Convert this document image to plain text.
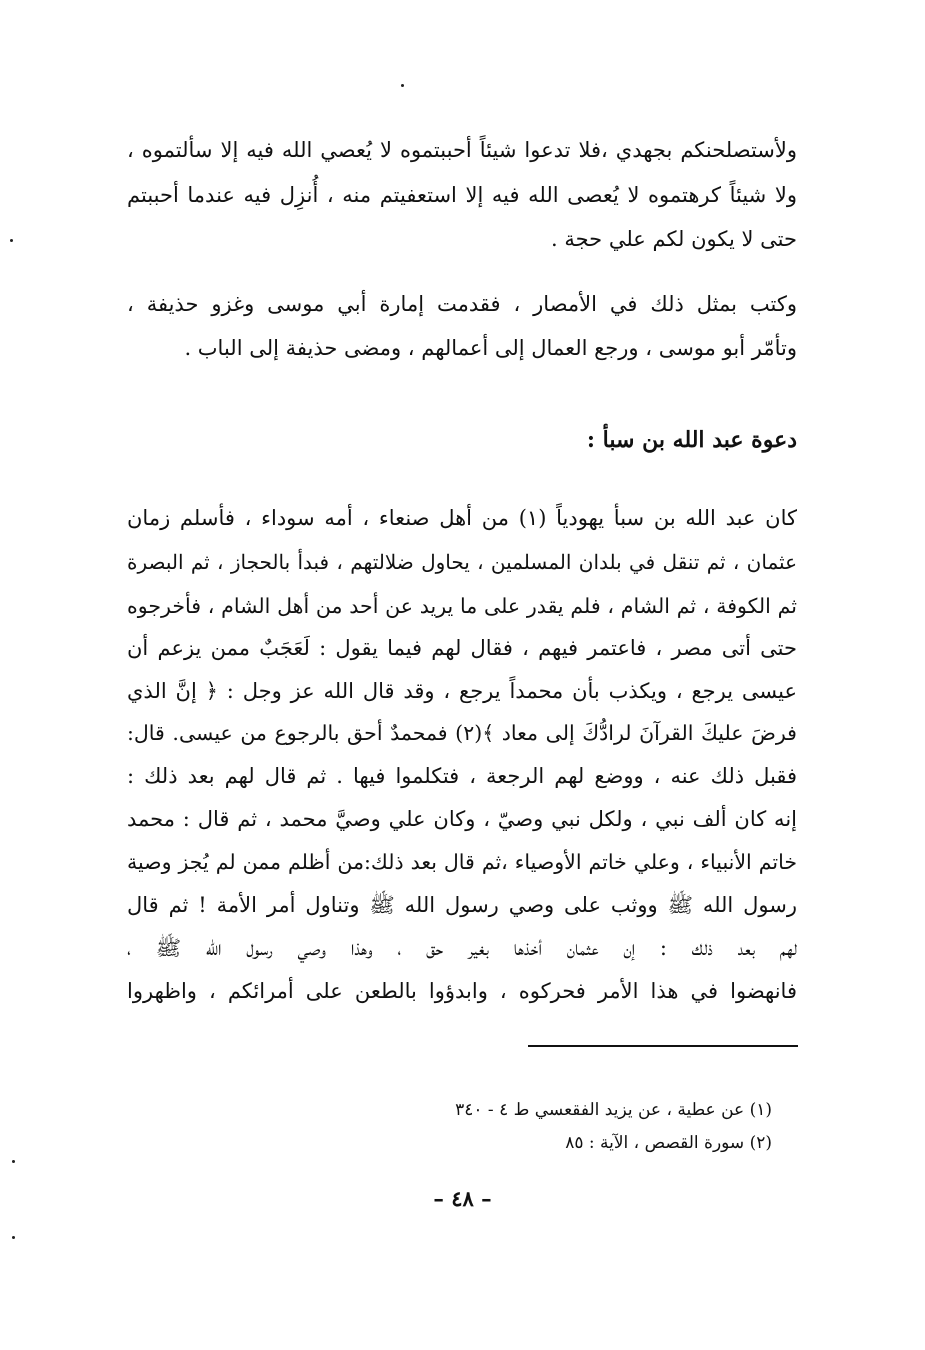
ولأستصلحنكم بجهدي ،فلا تدعوا شيئاً أحببتموه لا يُعصي الله فيه إلا سألتموه ،
ولا شيئاً كرهتموه لا يُعصى الله فيه إلا استعفيتم منه ، أُنزِل فيه عندما أحببتم
حتى لا يكون لكم علي حجة .
وكتب بمثل ذلك في الأمصار ، فقدمت إمارة أبي موسى وغزو حذيفة ،
وتأمّر أبو موسى ، ورجع العمال إلى أعمالهم ، ومضى حذيفة إلى الباب .
دعوة عبد الله بن سبأ :
كان عبد الله بن سبأ يهودياً (١) من أهل صنعاء ، أمه سوداء ، فأسلم زمان
عثمان ، ثم تنقل في بلدان المسلمين ، يحاول ضلالتهم ، فبدأ بالحجاز ، ثم البصرة
ثم الكوفة ، ثم الشام ، فلم يقدر على ما يريد عن أحد من أهل الشام ، فأخرجوه
حتى أتى مصر ، فاعتمر فيهم ، فقال لهم فيما يقول : لَعَجَبٌ ممن يزعم أن
عيسى يرجع ، ويكذب بأن محمداً يرجع ، وقد قال الله عز وجل : ﴿ إنَّ الذي
فرضَ عليكَ القرآنَ لرادُّكَ إلى معاد ﴾(٢) فمحمدٌ أحق بالرجوع من عيسى. قال:
فقبل ذلك عنه ، ووضع لهم الرجعة ، فتكلموا فيها . ثم قال لهم بعد ذلك :
إنه كان ألف نبي ، ولكل نبي وصيّ ، وكان علي وصيَّ محمد ، ثم قال : محمد
خاتم الأنبياء ، وعلي خاتم الأوصياء ،ثم قال بعد ذلك:من أظلم ممن لم يُجز وصية
رسول الله ﷺ ووثب على وصي رسول الله ﷺ وتناول أمر الأمة ! ثم قال
لهم بعد ذلك : إن عثمان أخذها بغير حق ، وهذا وصي رسول الله ﷺ ،
فانهضوا في هذا الأمر فحركوه ، وابدؤوا بالطعن على أمرائكم ، واظهروا
(١) عن عطية ، عن يزيد الفقعسي ط ٤ - ٣٤٠
(٢) سورة القصص ، الآية : ٨٥
– ٤٨ –
